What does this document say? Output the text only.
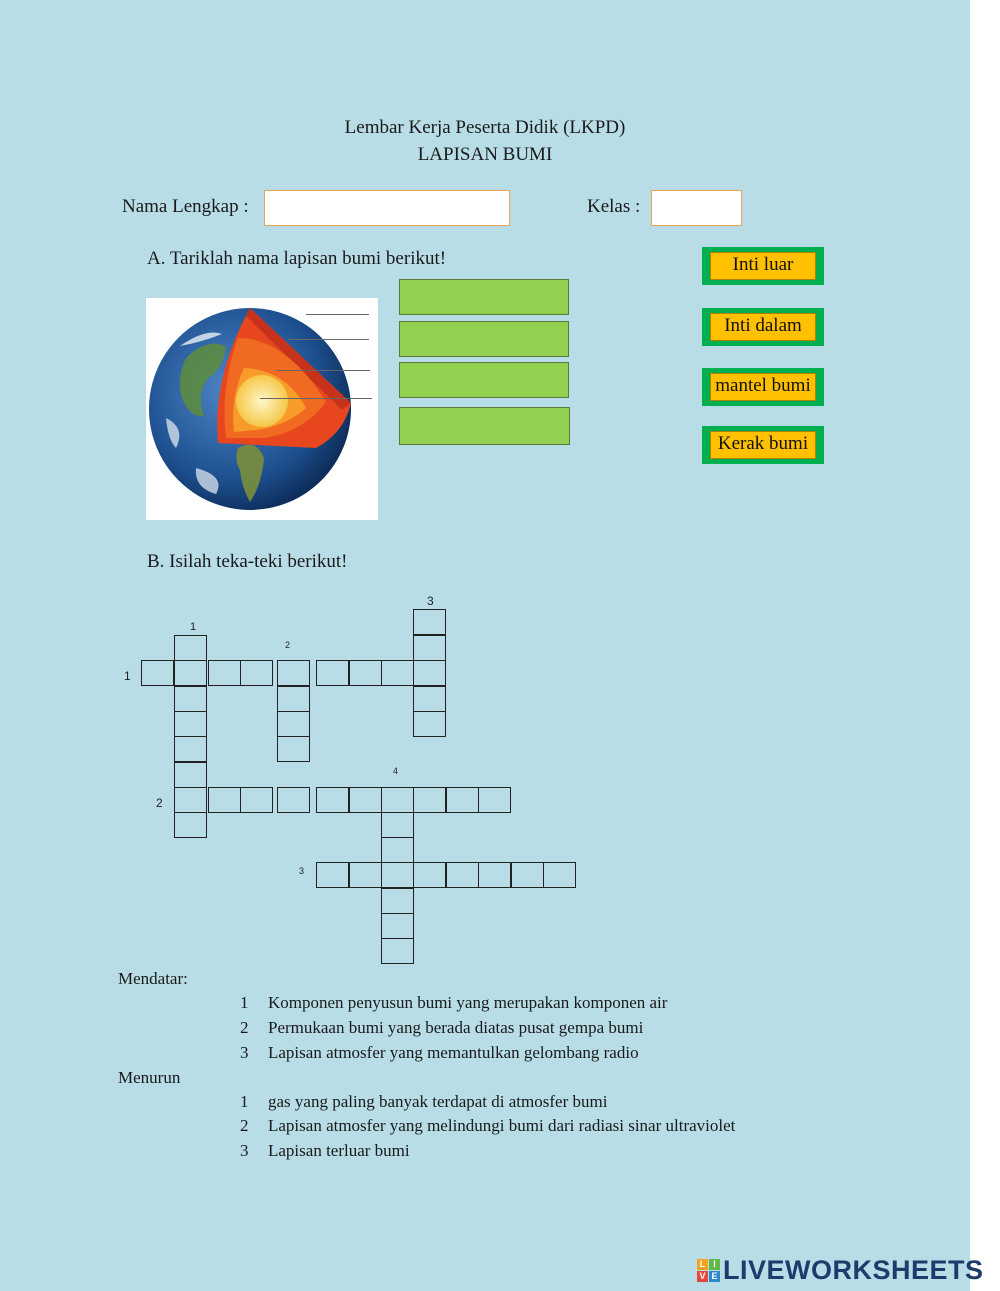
Lembar Kerja Peserta Didik (LKPD)
LAPISAN BUMI
Nama Lengkap :	Kelas :
A. Tariklah nama lapisan bumi berikut!	Inti luar
Inti dalam
mantel bumi
Kerak bumi
B. Isilah teka-teki berikut!
3
1
2
1
4
2
3
Mendatar:
1 Komponen penyusun bumi yang merupakan komponen air
2 Permukaan bumi yang berada diatas pusat gempa bumi
3 Lapisan atmosfer yang memantulkan gelombang radio
Menurun
1 gas yang paling banyak terdapat di atmosfer bumi
2 Lapisan atmosfer yang melindungi bumi dari radiasi sinar ultraviolet
3 Lapisan terluar bumi
L I
V E LIVEWORKSHEETS
